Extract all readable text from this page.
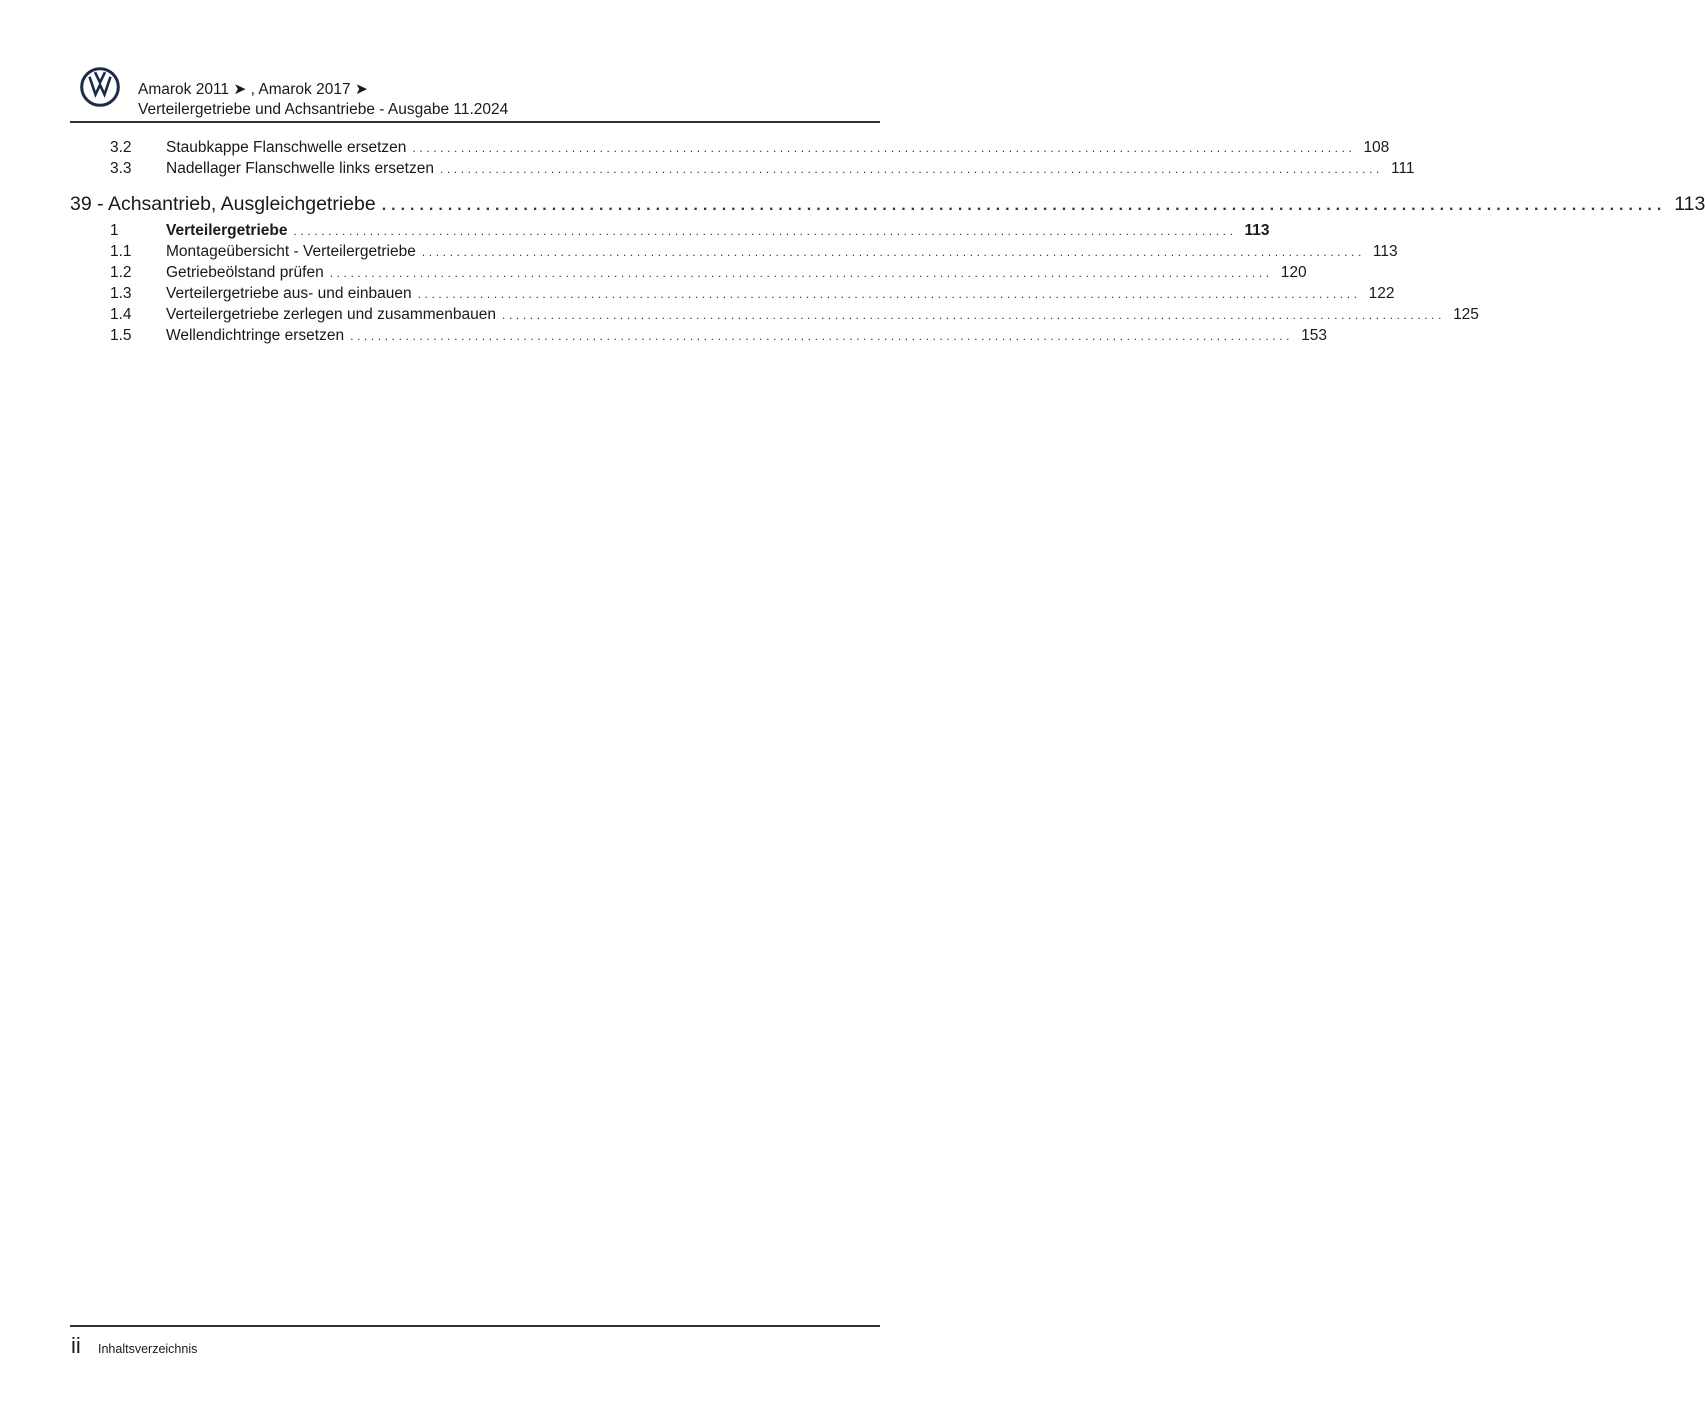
Amarok 2011 ➤ , Amarok 2017 ➤
Verteilergetriebe und Achsantriebe - Ausgabe 11.2024
3.2 Staubkappe Flanschwelle ersetzen ........................................................................................................................................ 108
3.3 Nadellager Flanschwelle links ersetzen ........................................................................................................................................ 111
39 - Achsantrieb, Ausgleichgetriebe ........................................................................................................................................ 113
1	Verteilergetriebe ........................................................................................................................................ 113
1.1 Montageübersicht - Verteilergetriebe ........................................................................................................................................ 113
1.2 Getriebeölstand prüfen ........................................................................................................................................ 120
1.3 Verteilergetriebe aus- und einbauen ........................................................................................................................................ 122
1.4 Verteilergetriebe zerlegen und zusammenbauen ........................................................................................................................................ 125
1.5 Wellendichtringe ersetzen ........................................................................................................................................ 153
ii Inhaltsverzeichnis
